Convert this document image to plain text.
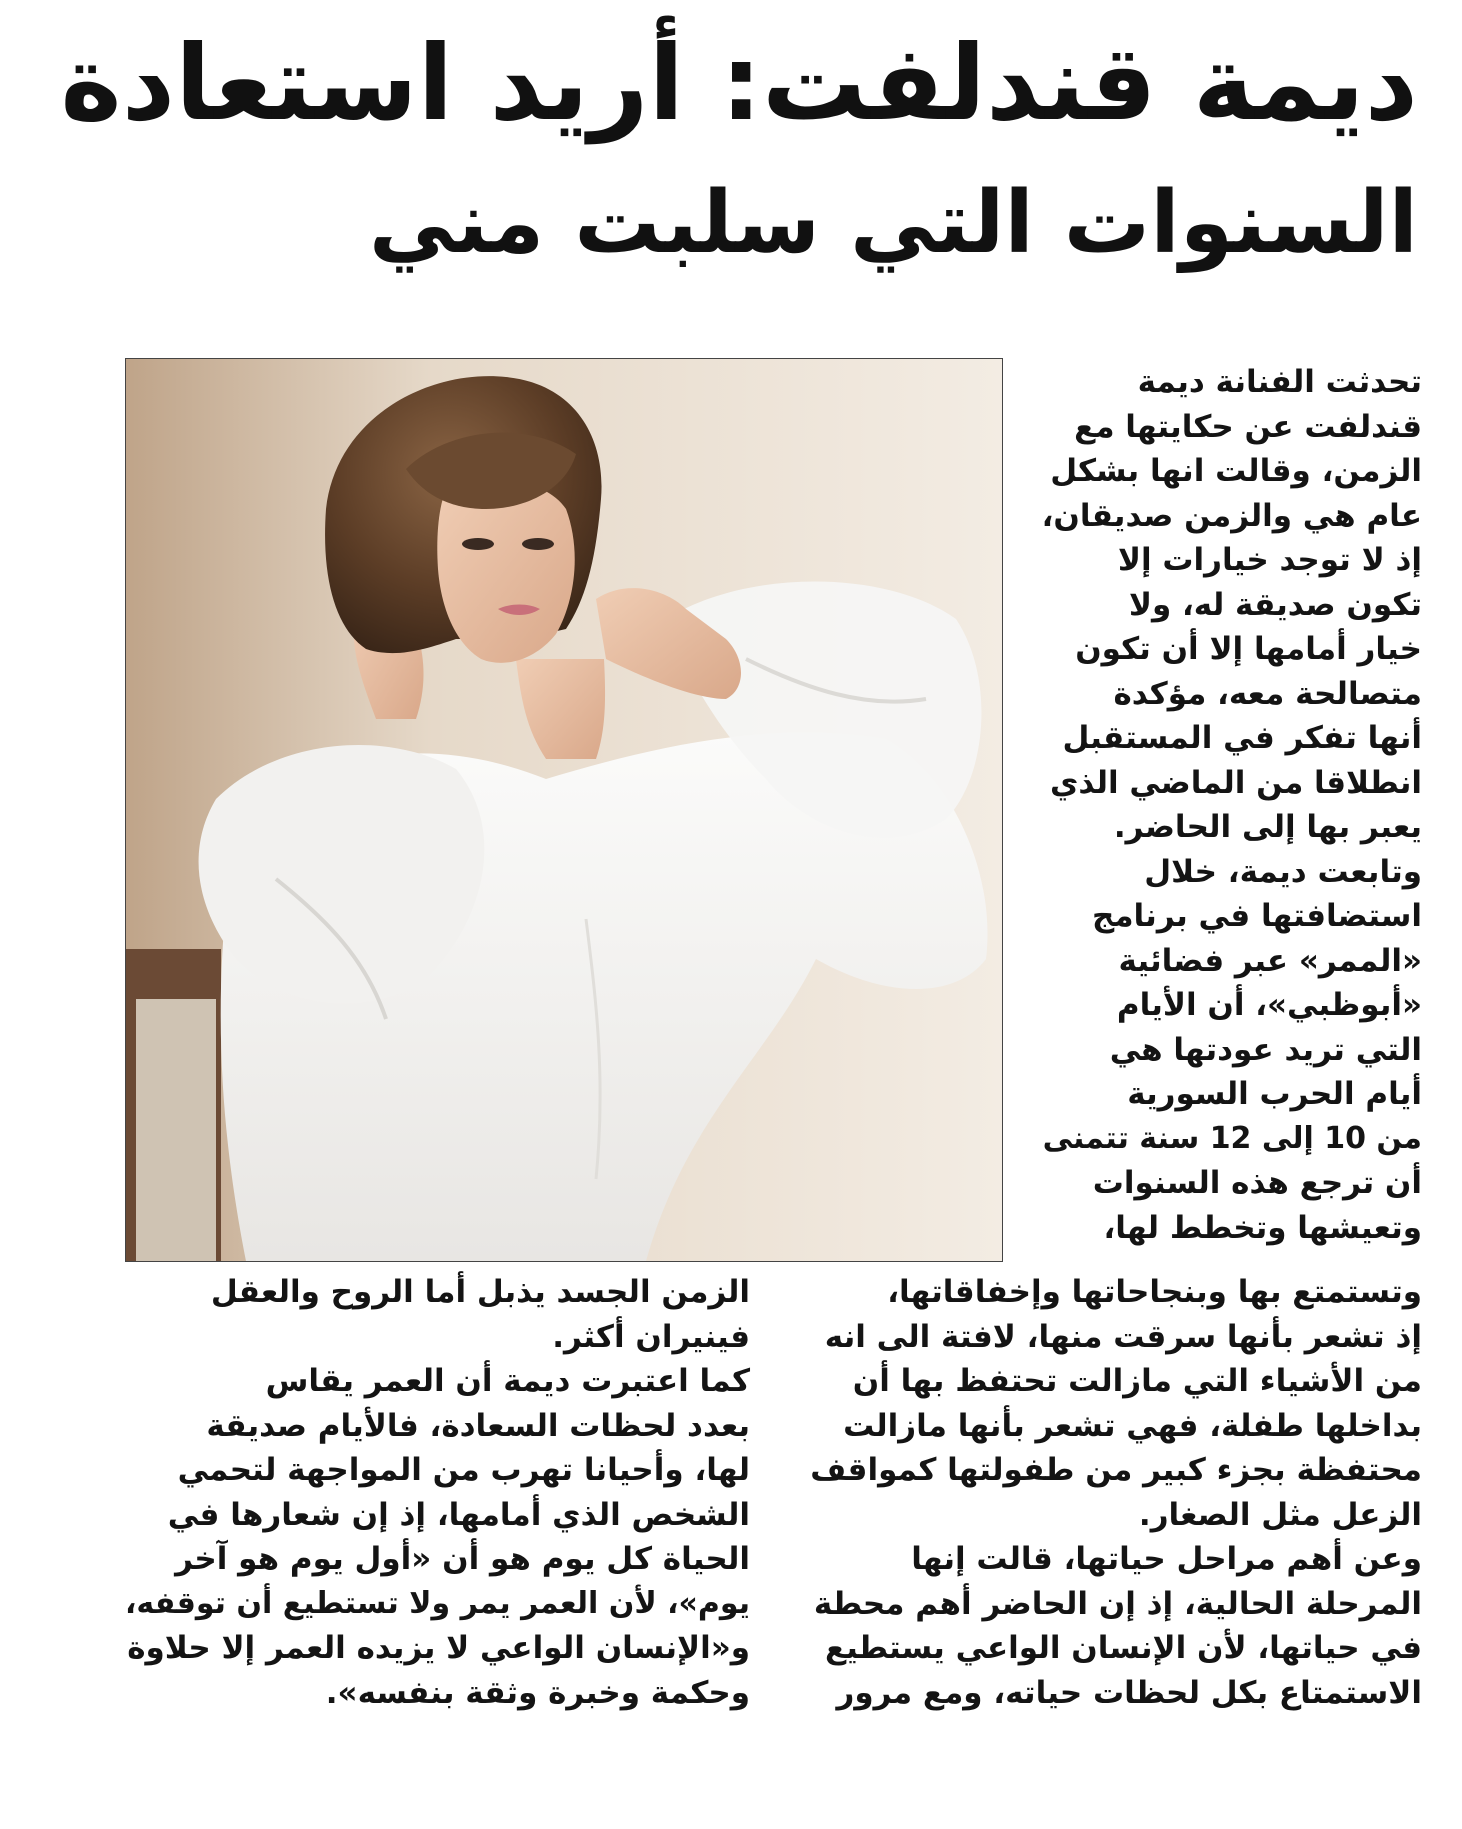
ديمة قندلفت: أريد استعادة
السنوات التي سلبت مني

تحدثت الفنانة ديمة

قندلفت عن حكايتها مع

الزمن، وقالت انها بشكل

عام هي والزمن صديقان،

إذ لا توجد خيارات إلا

تكون صديقة له، ولا

خيار أمامها إلا أن تكون

متصالحة معه، مؤكدة

أنها تفكر في المستقبل

انطلاقا من الماضي الذي

يعبر بها إلى الحاضر.

وتابعت ديمة، خلال

استضافتها في برنامج

«الممر» عبر فضائية

«أبوظبي»، أن الأيام

التي تريد عودتها هي

أيام الحرب السورية

من 10 إلى 12 سنة تتمنى

أن ترجع هذه السنوات

وتعيشها وتخطط لها،

وتستمتع بها وبنجاحاتها وإخفاقاتها،

إذ تشعر بأنها سرقت منها، لافتة الى انه

من الأشياء التي مازالت تحتفظ بها أن

بداخلها طفلة، فهي تشعر بأنها مازالت

محتفظة بجزء كبير من طفولتها كمواقف

الزعل مثل الصغار.

وعن أهم مراحل حياتها، قالت إنها

المرحلة الحالية، إذ إن الحاضر أهم محطة

في حياتها، لأن الإنسان الواعي يستطيع

الاستمتاع بكل لحظات حياته، ومع مرور

الزمن الجسد يذبل أما الروح والعقل

فينيران أكثر.

كما اعتبرت ديمة أن العمر يقاس

بعدد لحظات السعادة، فالأيام صديقة

لها، وأحيانا تهرب من المواجهة لتحمي

الشخص الذي أمامها، إذ إن شعارها في

الحياة كل يوم هو أن «أول يوم هو آخر

يوم»، لأن العمر يمر ولا تستطيع أن توقفه،

و«الإنسان الواعي لا يزيده العمر إلا حلاوة

وحكمة وخبرة وثقة بنفسه».
